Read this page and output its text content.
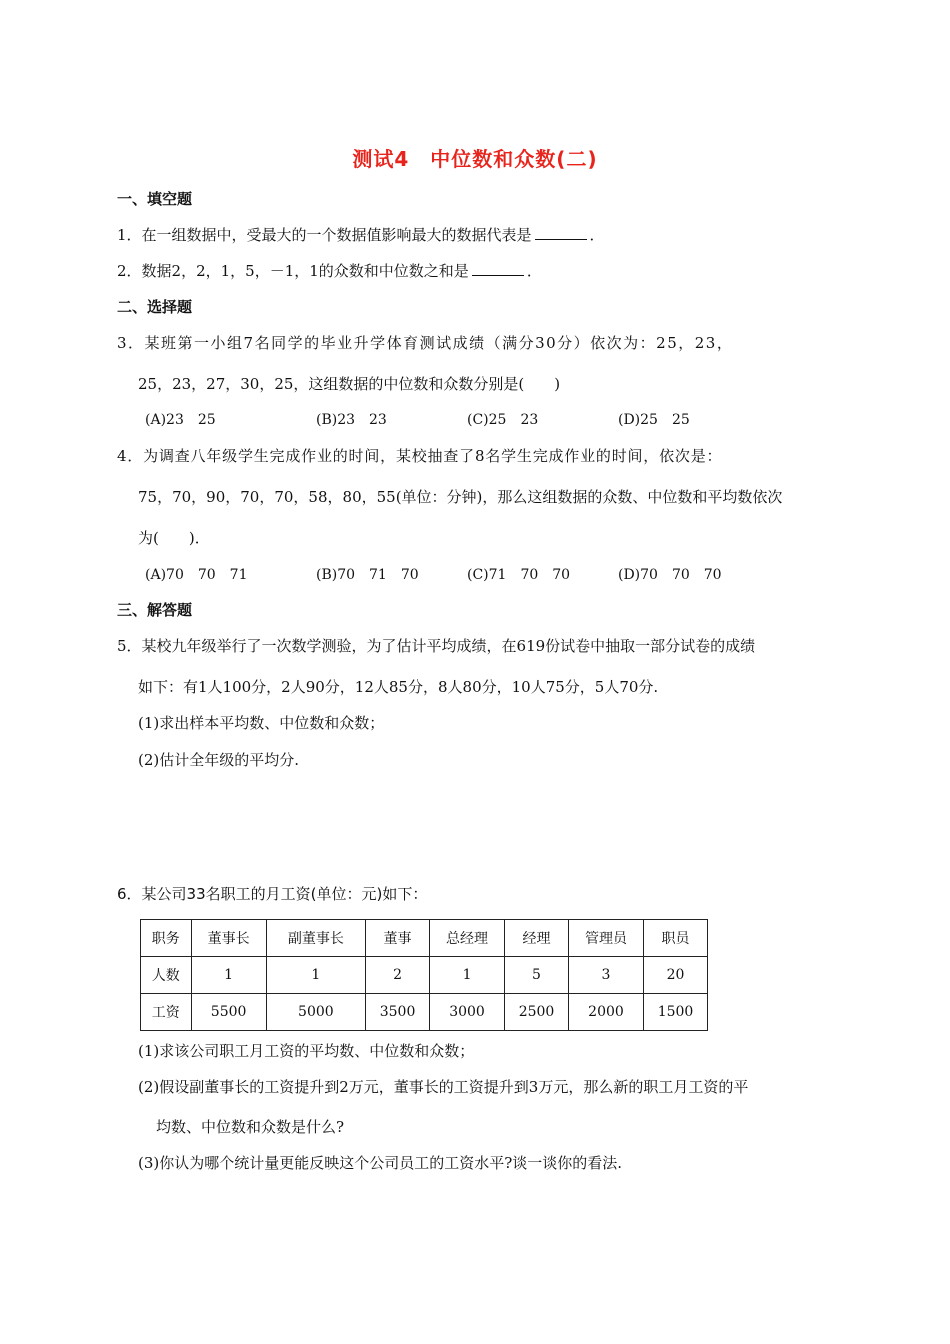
测试4　中位数和众数(二)
一、填空题
1．在一组数据中，受最大的一个数据值影响最大的数据代表是	．
2．数据2，2，1，5，－1，1的众数和中位数之和是	．
二、选择题
3．某班第一小组7名同学的毕业升学体育测试成绩（满分30分）依次为：25，23，
25，23，27，30，25，这组数据的中位数和众数分别是(　　)
(A)23　25	(B)23　23	(C)25　23	(D)25　25
4．为调查八年级学生完成作业的时间，某校抽查了8名学生完成作业的时间，依次是：
75，70，90，70，70，58，80，55(单位：分钟)，那么这组数据的众数、中位数和平均数依次
为(　　)．
(A)70　70　71	(B)70　71　70	(C)71　70　70	(D)70　70　70
三、解答题
5．某校九年级举行了一次数学测验，为了估计平均成绩，在619份试卷中抽取一部分试卷的成绩
如下：有1人100分，2人90分，12人85分，8人80分，10人75分，5人70分.
(1)求出样本平均数、中位数和众数；
(2)估计全年级的平均分.
6．某公司33名职工的月工资(单位：元)如下：
职务	董事长	副董事长	董事	总经理	经理	管理员	职员
人数	1	1	2	1	5	3	20
工资	5500	5000	3500	3000	2500	2000	1500
(1)求该公司职工月工资的平均数、中位数和众数；
(2)假设副董事长的工资提升到2万元，董事长的工资提升到3万元，那么新的职工月工资的平
均数、中位数和众数是什么?
(3)你认为哪个统计量更能反映这个公司员工的工资水平?谈一谈你的看法.
